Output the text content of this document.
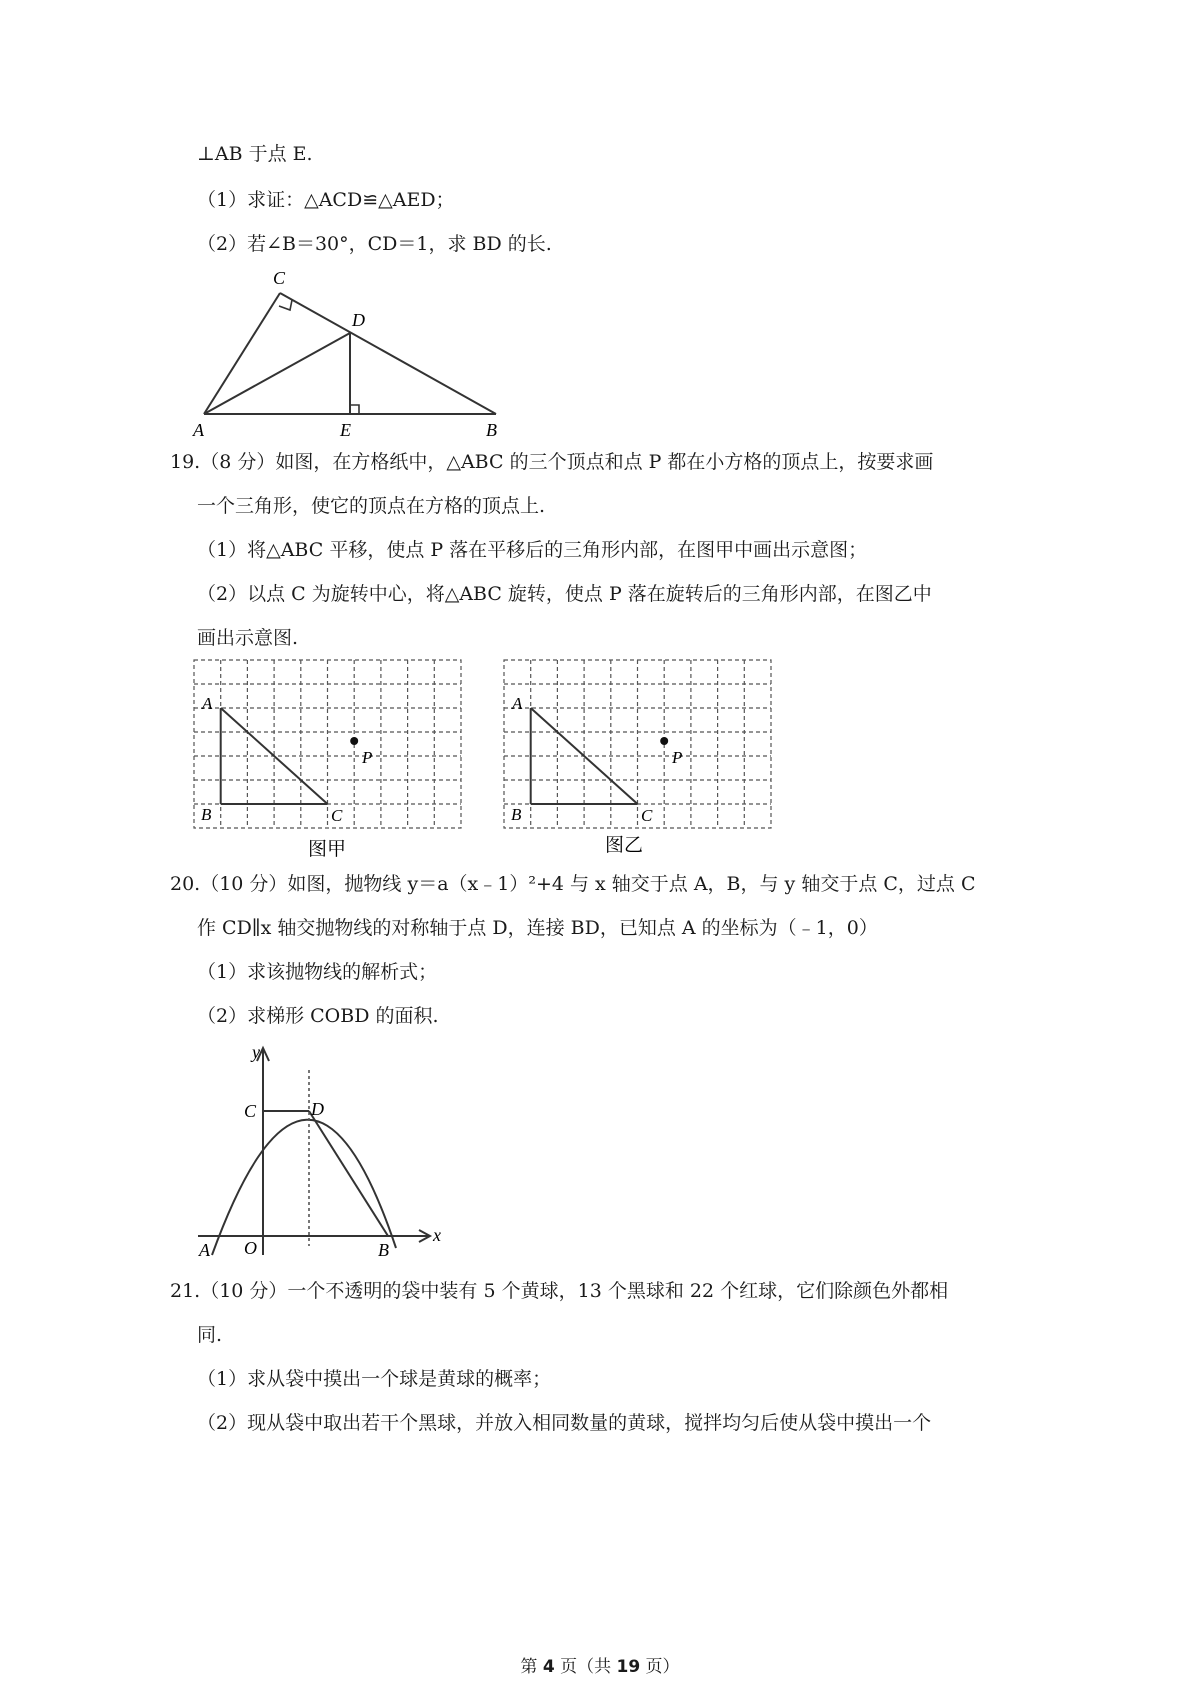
⊥AB 于点 E.
（1）求证：△ACD≌△AED；
（2）若∠B＝30°，CD＝1，求 BD 的长.
C
D
A	E	B
19.（8 分）如图，在方格纸中，△ABC 的三个顶点和点 P 都在小方格的顶点上，按要求画
一个三角形，使它的顶点在方格的顶点上.
（1）将△ABC 平移，使点 P 落在平移后的三角形内部，在图甲中画出示意图；
（2）以点 C 为旋转中心，将△ABC 旋转，使点 P 落在旋转后的三角形内部，在图乙中
画出示意图.
A
B	C
P
图甲
A
B	C
P
图乙
20.（10 分）如图，抛物线 y＝a（x﹣1）²+4 与 x 轴交于点 A，B，与 y 轴交于点 C，过点 C
作 CD∥x 轴交抛物线的对称轴于点 D，连接 BD，已知点 A 的坐标为（﹣1，0）
（1）求该抛物线的解析式；
（2）求梯形 COBD 的面积.
y
x
C	D
A O	B
21.（10 分）一个不透明的袋中装有 5 个黄球，13 个黑球和 22 个红球，它们除颜色外都相
同.
（1）求从袋中摸出一个球是黄球的概率；
（2）现从袋中取出若干个黑球，并放入相同数量的黄球，搅拌均匀后使从袋中摸出一个
第 4 页（共 19 页）
